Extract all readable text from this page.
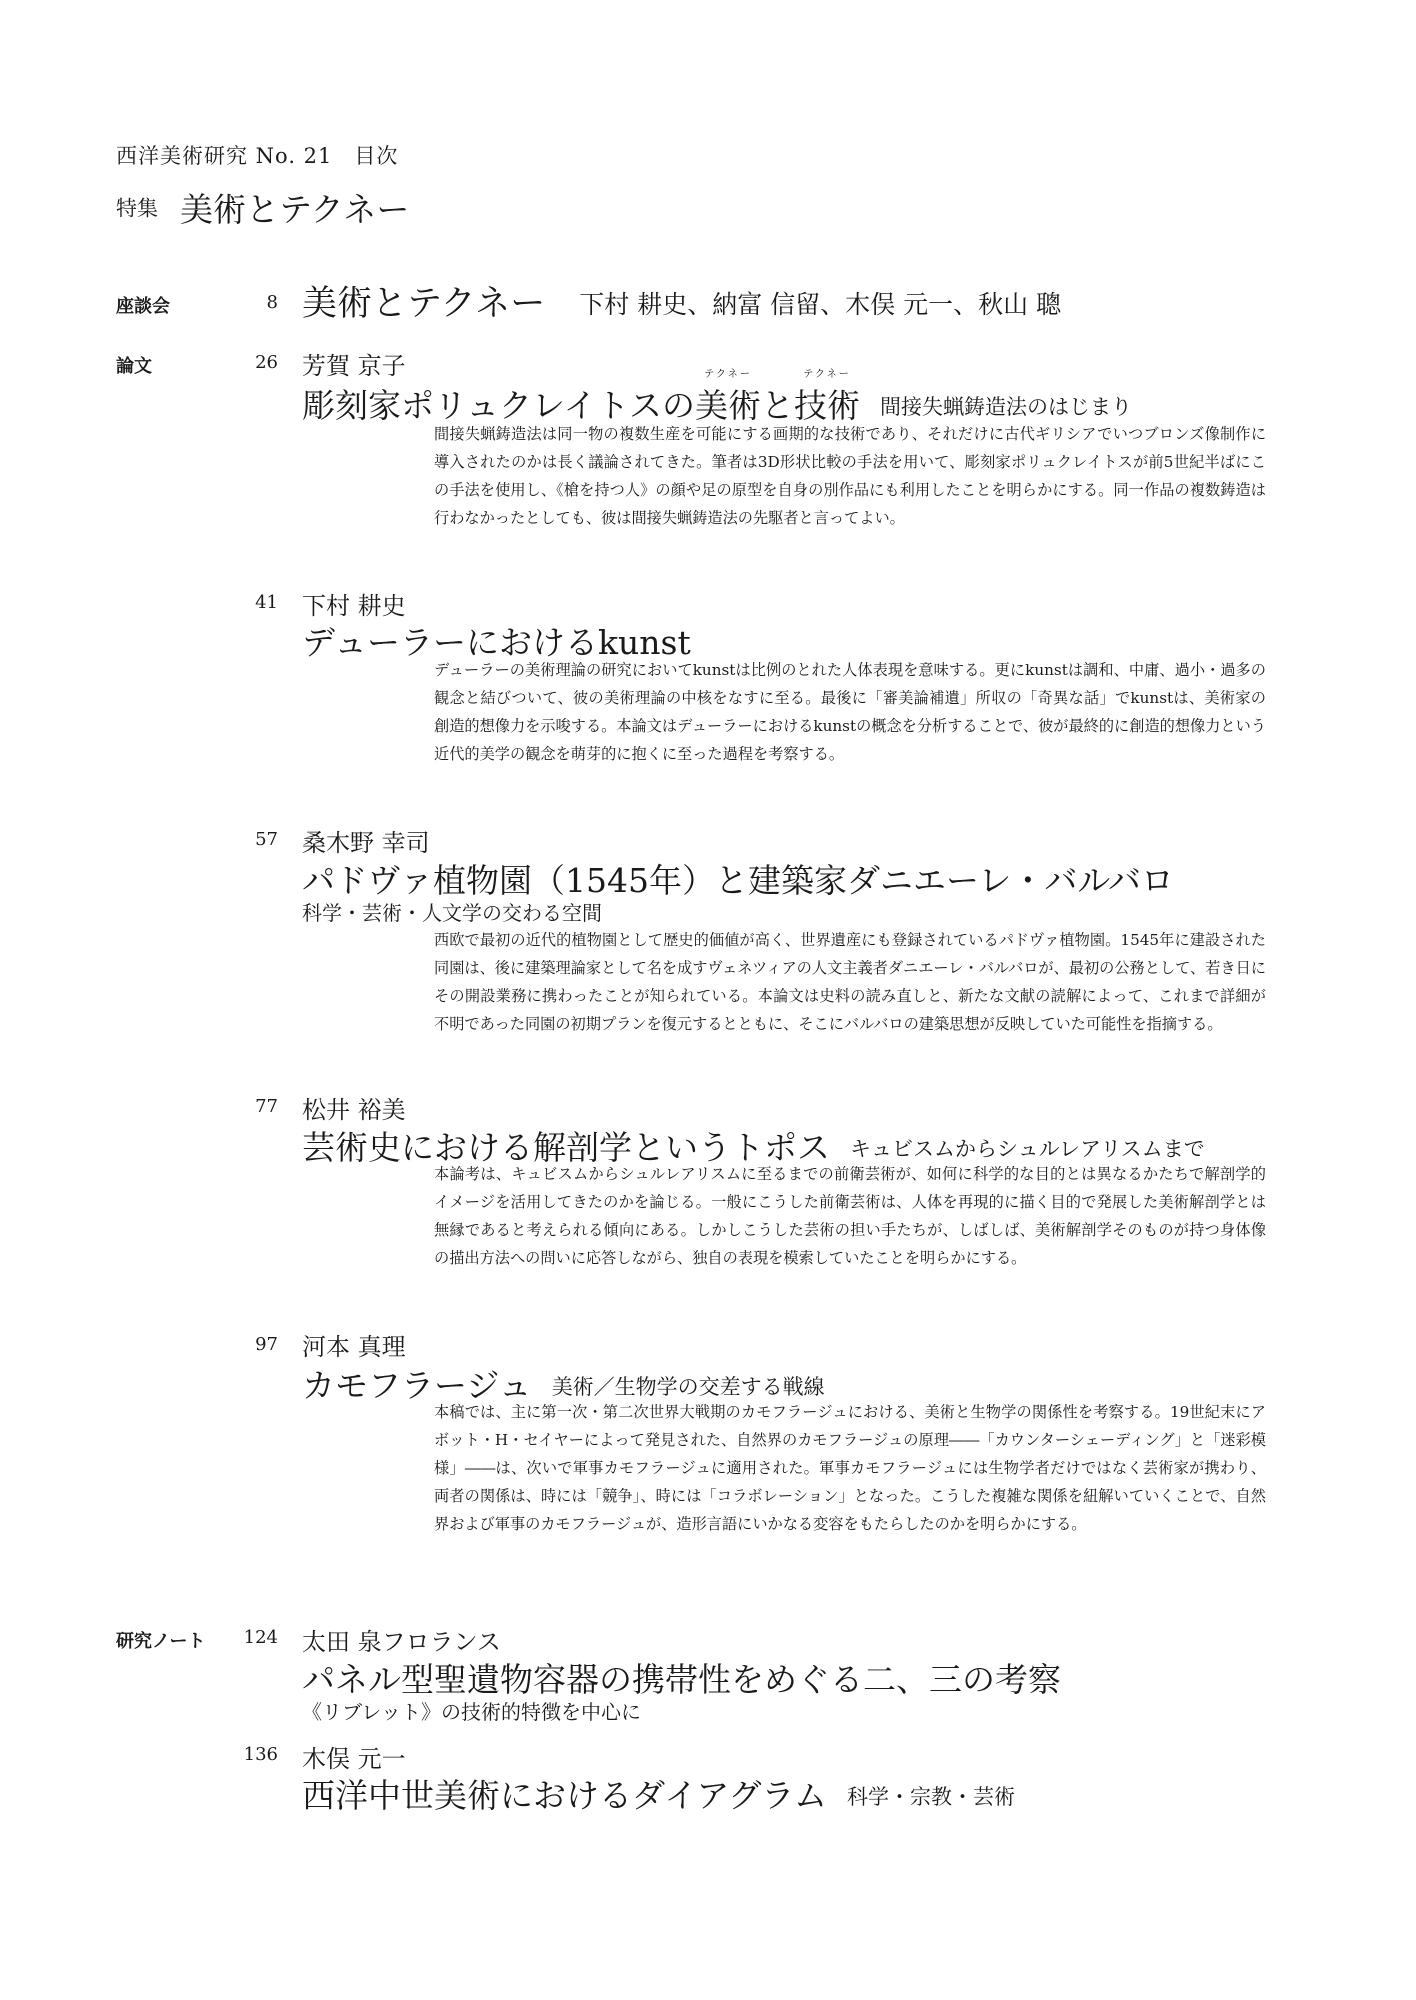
西洋美術研究 No. 21 目次
特集 美術とテクネー
座談会	8 美術とテクネー 下村 耕史、納富 信留、木俣 元一、秋山 聰
論文	26 芳賀 京子
彫刻家ポリュクレイトスの
テクネー
美術と
テクネー
技術 間接失蝋鋳造法のはじまり
間接失蝋鋳造法は同一物の複数生産を可能にする画期的な技術であり、それだけに古代ギリシアでいつブロンズ像制作に導入されたのかは長く議論されてきた。筆者は3D形状比較の手法を用いて、彫刻家ポリュクレイトスが前5世紀半ばにこの手法を使用し、《槍を持つ人》の顔や足の原型を自身の別作品にも利用したことを明らかにする。同一作品の複数鋳造は行わなかったとしても、彼は間接失蝋鋳造法の先駆者と言ってよい。
41 下村 耕史
デューラーにおけるkunst
デューラーの美術理論の研究においてkunstは比例のとれた人体表現を意味する。更にkunstは調和、中庸、過小・過多の観念と結びついて、彼の美術理論の中核をなすに至る。最後に「審美論補遺」所収の「奇異な話」でkunstは、美術家の創造的想像力を示唆する。本論文はデューラーにおけるkunstの概念を分析することで、彼が最終的に創造的想像力という近代的美学の観念を萌芽的に抱くに至った過程を考察する。
57 桑木野 幸司
パドヴァ植物園（1545年）と建築家ダニエーレ・バルバロ
科学・芸術・人文学の交わる空間
西欧で最初の近代的植物園として歴史的価値が高く、世界遺産にも登録されているパドヴァ植物園。1545年に建設された同園は、後に建築理論家として名を成すヴェネツィアの人文主義者ダニエーレ・バルバロが、最初の公務として、若き日にその開設業務に携わったことが知られている。本論文は史料の読み直しと、新たな文献の読解によって、これまで詳細が不明であった同園の初期プランを復元するとともに、そこにバルバロの建築思想が反映していた可能性を指摘する。
77 松井 裕美
芸術史における解剖学というトポス キュビスムからシュルレアリスムまで
本論考は、キュビスムからシュルレアリスムに至るまでの前衛芸術が、如何に科学的な目的とは異なるかたちで解剖学的イメージを活用してきたのかを論じる。一般にこうした前衛芸術は、人体を再現的に描く目的で発展した美術解剖学とは無縁であると考えられる傾向にある。しかしこうした芸術の担い手たちが、しばしば、美術解剖学そのものが持つ身体像の描出方法への問いに応答しながら、独自の表現を模索していたことを明らかにする。
97 河本 真理
カモフラージュ 美術／生物学の交差する戦線
本稿では、主に第一次・第二次世界大戦期のカモフラージュにおける、美術と生物学の関係性を考察する。19世紀末にアボット・H・セイヤーによって発見された、自然界のカモフラージュの原理――「カウンターシェーディング」と「迷彩模様」――は、次いで軍事カモフラージュに適用された。軍事カモフラージュには生物学者だけではなく芸術家が携わり、両者の関係は、時には「競争」、時には「コラボレーション」となった。こうした複雑な関係を紐解いていくことで、自然界および軍事のカモフラージュが、造形言語にいかなる変容をもたらしたのかを明らかにする。
研究ノート	124 太田 泉フロランス
パネル型聖遺物容器の携帯性をめぐる二、三の考察
《リブレット》の技術的特徴を中心に
136 木俣 元一
西洋中世美術におけるダイアグラム 科学・宗教・芸術
